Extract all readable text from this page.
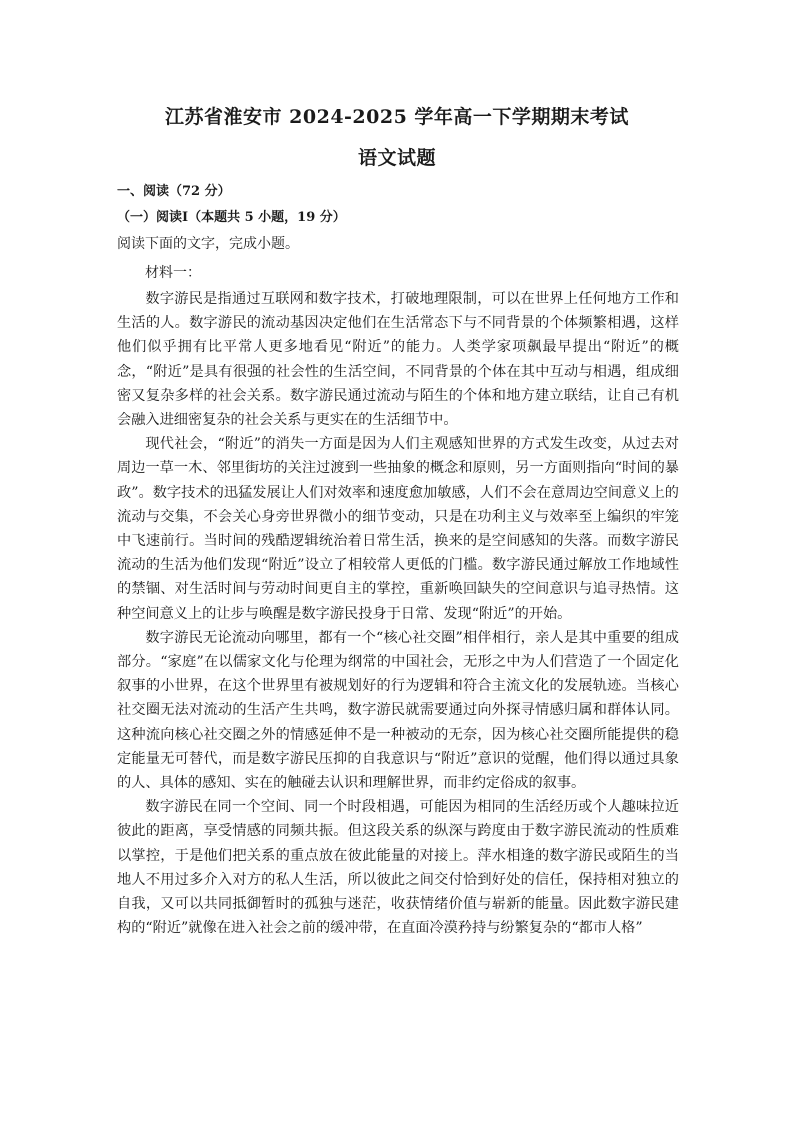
江苏省淮安市 2024-2025 学年高一下学期期末考试
语文试题
一、阅读（72 分）
（一）阅读Ⅰ（本题共 5 小题，19 分）
阅读下面的文字，完成小题。
材料一：

数字游民是指通过互联网和数字技术，打破地理限制，可以在世界上任何地方工作和生活的人。数字游民的流动基因决定他们在生活常态下与不同背景的个体频繁相遇，这样他们似乎拥有比平常人更多地看见“附近”的能力。人类学家项飙最早提出“附近”的概念，“附近”是具有很强的社会性的生活空间，不同背景的个体在其中互动与相遇，组成细密又复杂多样的社会关系。数字游民通过流动与陌生的个体和地方建立联结，让自己有机会融入进细密复杂的社会关系与更实在的生活细节中。

现代社会，“附近”的消失一方面是因为人们主观感知世界的方式发生改变，从过去对周边一草一木、邻里街坊的关注过渡到一些抽象的概念和原则，另一方面则指向“时间的暴政”。数字技术的迅猛发展让人们对效率和速度愈加敏感，人们不会在意周边空间意义上的流动与交集，不会关心身旁世界微小的细节变动，只是在功利主义与效率至上编织的牢笼中飞速前行。当时间的残酷逻辑统治着日常生活，换来的是空间感知的失落。而数字游民流动的生活为他们发现“附近”设立了相较常人更低的门槛。数字游民通过解放工作地域性的禁锢、对生活时间与劳动时间更自主的掌控，重新唤回缺失的空间意识与追寻热情。这种空间意义上的让步与唤醒是数字游民投身于日常、发现“附近”的开始。

数字游民无论流动向哪里，都有一个“核心社交圈”相伴相行，亲人是其中重要的组成部分。“家庭”在以儒家文化与伦理为纲常的中国社会，无形之中为人们营造了一个固定化叙事的小世界，在这个世界里有被规划好的行为逻辑和符合主流文化的发展轨迹。当核心社交圈无法对流动的生活产生共鸣，数字游民就需要通过向外探寻情感归属和群体认同。这种流向核心社交圈之外的情感延伸不是一种被动的无奈，因为核心社交圈所能提供的稳定能量无可替代，而是数字游民压抑的自我意识与“附近”意识的觉醒，他们得以通过具象的人、具体的感知、实在的触碰去认识和理解世界，而非约定俗成的叙事。

数字游民在同一个空间、同一个时段相遇，可能因为相同的生活经历或个人趣味拉近彼此的距离，享受情感的同频共振。但这段关系的纵深与跨度由于数字游民流动的性质难以掌控，于是他们把关系的重点放在彼此能量的对接上。萍水相逢的数字游民或陌生的当地人不用过多介入对方的私人生活，所以彼此之间交付恰到好处的信任，保持相对独立的自我，又可以共同抵御暂时的孤独与迷茫，收获情绪价值与崭新的能量。因此数字游民建构的“附近”就像在进入社会之前的缓冲带，在直面冷漠矜持与纷繁复杂的“都市人格”
